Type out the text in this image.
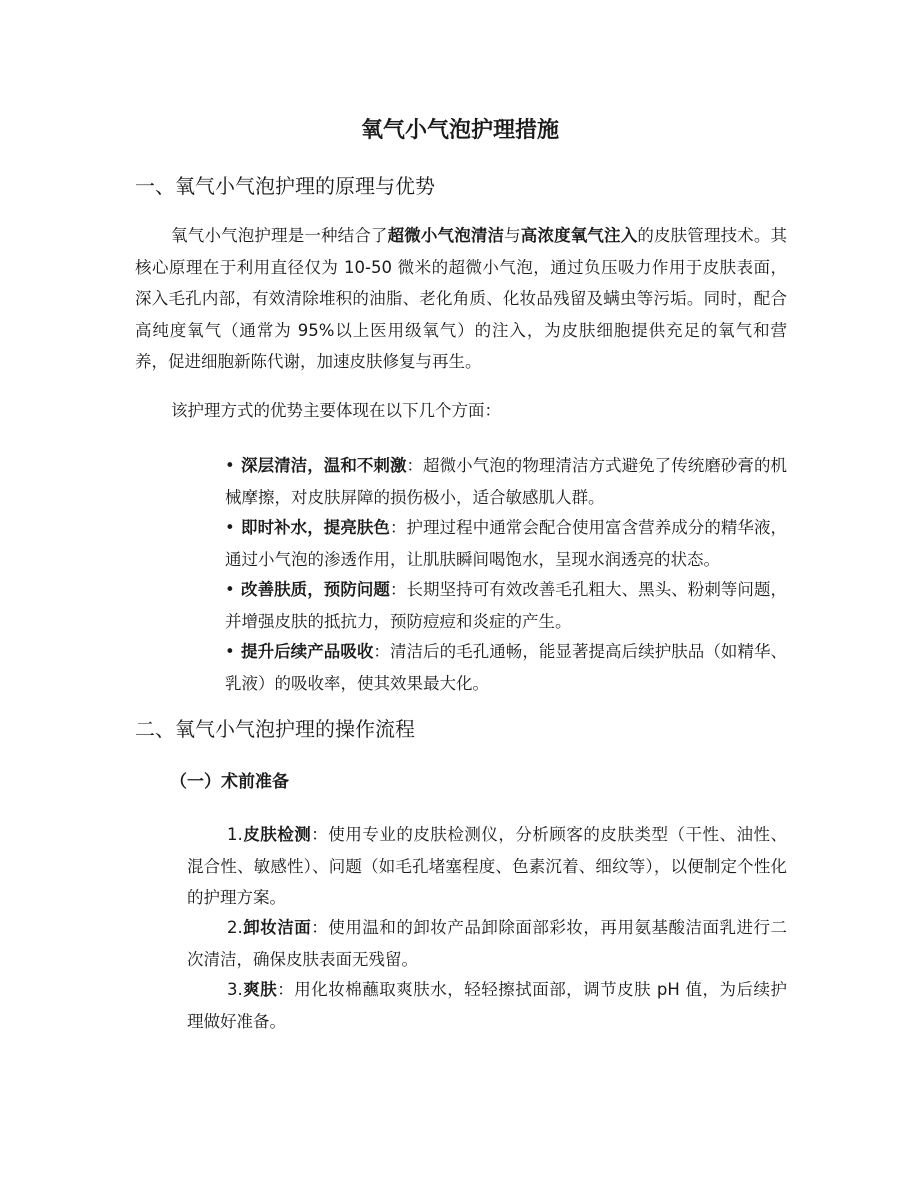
氧气小气泡护理措施
一、氧气小气泡护理的原理与优势

氧气小气泡护理是一种结合了超微小气泡清洁与高浓度氧气注入的皮肤管理技术。其核心原理在于利用直径仅为 10-50 微米的超微小气泡，通过负压吸力作用于皮肤表面，深入毛孔内部，有效清除堆积的油脂、老化角质、化妆品残留及螨虫等污垢。同时，配合高纯度氧气（通常为 95%以上医用级氧气）的注入，为皮肤细胞提供充足的氧气和营养，促进细胞新陈代谢，加速皮肤修复与再生。

该护理方式的优势主要体现在以下几个方面：

• 深层清洁，温和不刺激：超微小气泡的物理清洁方式避免了传统磨砂膏的机械摩擦，对皮肤屏障的损伤极小，适合敏感肌人群。

• 即时补水，提亮肤色：护理过程中通常会配合使用富含营养成分的精华液，通过小气泡的渗透作用，让肌肤瞬间喝饱水，呈现水润透亮的状态。

• 改善肤质，预防问题：长期坚持可有效改善毛孔粗大、黑头、粉刺等问题，并增强皮肤的抵抗力，预防痘痘和炎症的产生。

• 提升后续产品吸收：清洁后的毛孔通畅，能显著提高后续护肤品（如精华、乳液）的吸收率，使其效果最大化。

二、氧气小气泡护理的操作流程
（一）术前准备

1.皮肤检测：使用专业的皮肤检测仪，分析顾客的皮肤类型（干性、油性、混合性、敏感性）、问题（如毛孔堵塞程度、色素沉着、细纹等），以便制定个性化的护理方案。

2.卸妆洁面：使用温和的卸妆产品卸除面部彩妆，再用氨基酸洁面乳进行二次清洁，确保皮肤表面无残留。

3.爽肤：用化妆棉蘸取爽肤水，轻轻擦拭面部，调节皮肤 pH 值，为后续护理做好准备。
